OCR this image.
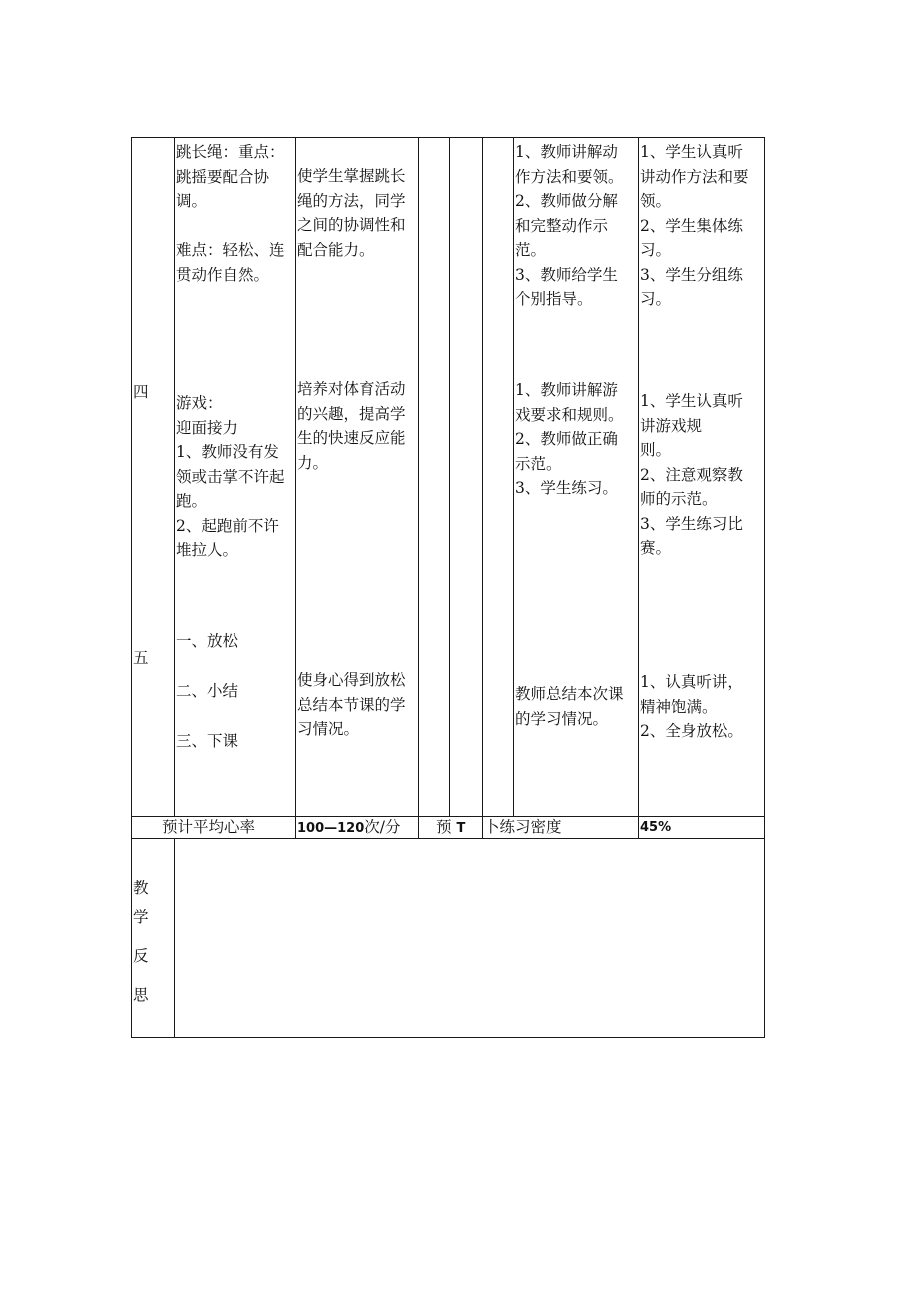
四
跳长绳：重点：
跳摇要配合协
调。
难点：轻松、连
贯动作自然。
使学生掌握跳长
绳的方法，同学
之间的协调性和
配合能力。
1、教师讲解动
作方法和要领。
2、教师做分解
和完整动作示
范。
3、教师给学生
个别指导。
1、学生认真听
讲动作方法和要
领。
2、学生集体练
习。
3、学生分组练
习。
游戏：
迎面接力
1、教师没有发
领或击掌不许起
跑。
2、起跑前不许
堆拉人。
培养对体育活动
的兴趣，提高学
生的快速反应能
力。
1、教师讲解游
戏要求和规则。
2、教师做正确
示范。
3、学生练习。
1、学生认真听
讲游戏规
则。
2、注意观察教
师的示范。
3、学生练习比
赛。
五
一、放松
二、小结
三、下课
使身心得到放松
总结本节课的学
习情况。
教师总结本次课
的学习情况。
1、认真听讲，
精神饱满。
2、全身放松。
预计平均心率	100—120次/分 预 T 卜练习密度	45%
教
学
反
思
